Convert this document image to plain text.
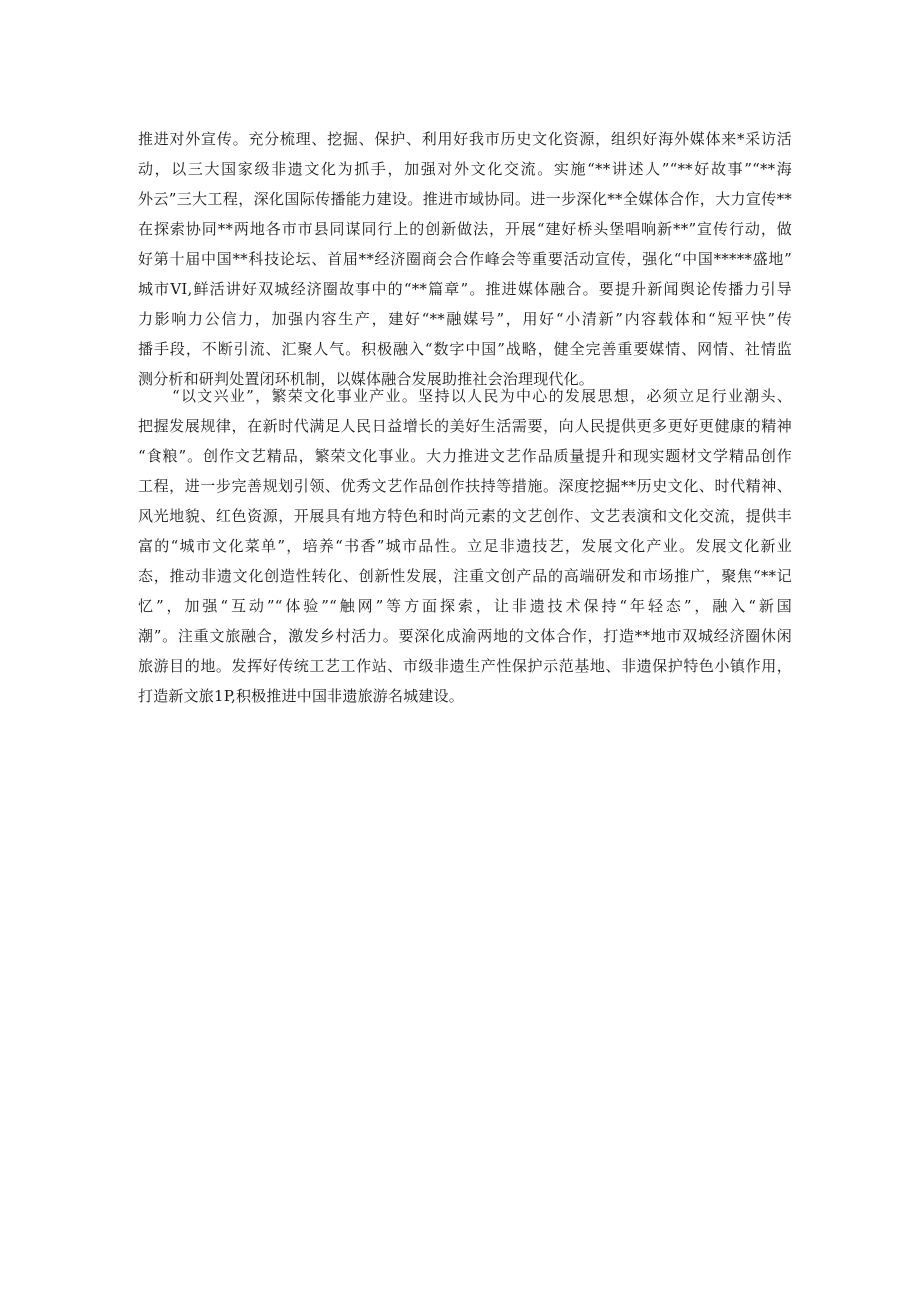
推进对外宣传。充分梳理、挖掘、保护、利用好我市历史文化资源，组织好海外媒体来*采访活
动，以三大国家级非遗文化为抓手，加强对外文化交流。实施“**讲述人”“**好故事”“**海
外云”三大工程，深化国际传播能力建设。推进市域协同。进一步深化**全媒体合作，大力宣传**
在探索协同**两地各市市县同谋同行上的创新做法，开展“建好桥头堡唱响新**”宣传行动，做
好第十届中国**科技论坛、首届**经济圈商会合作峰会等重要活动宣传，强化“中国*****盛地”
城市VI,鲜活讲好双城经济圈故事中的“**篇章”。推进媒体融合。要提升新闻舆论传播力引导
力影响力公信力，加强内容生产，建好“**融媒号”，用好“小清新”内容载体和“短平快”传
播手段，不断引流、汇聚人气。积极融入“数字中国”战略，健全完善重要媒情、网情、社情监
测分析和研判处置闭环机制，以媒体融合发展助推社会治理现代化。
“以文兴业”，繁荣文化事业产业。坚持以人民为中心的发展思想，必须立足行业潮头、
把握发展规律，在新时代满足人民日益增长的美好生活需要，向人民提供更多更好更健康的精神
“食粮”。创作文艺精品，繁荣文化事业。大力推进文艺作品质量提升和现实题材文学精品创作
工程，进一步完善规划引领、优秀文艺作品创作扶持等措施。深度挖掘**历史文化、时代精神、
风光地貌、红色资源，开展具有地方特色和时尚元素的文艺创作、文艺表演和文化交流，提供丰
富的“城市文化菜单”，培养“书香”城市品性。立足非遗技艺，发展文化产业。发展文化新业
态，推动非遗文化创造性转化、创新性发展，注重文创产品的高端研发和市场推广，聚焦“**记
忆”，加强“互动”“体验”“触网”等方面探索，让非遗技术保持“年轻态”，融入“新国
潮”。注重文旅融合，激发乡村活力。要深化成渝两地的文体合作，打造**地市双城经济圈休闲
旅游目的地。发挥好传统工艺工作站、市级非遗生产性保护示范基地、非遗保护特色小镇作用，
打造新文旅1P,积极推进中国非遗旅游名城建设。
